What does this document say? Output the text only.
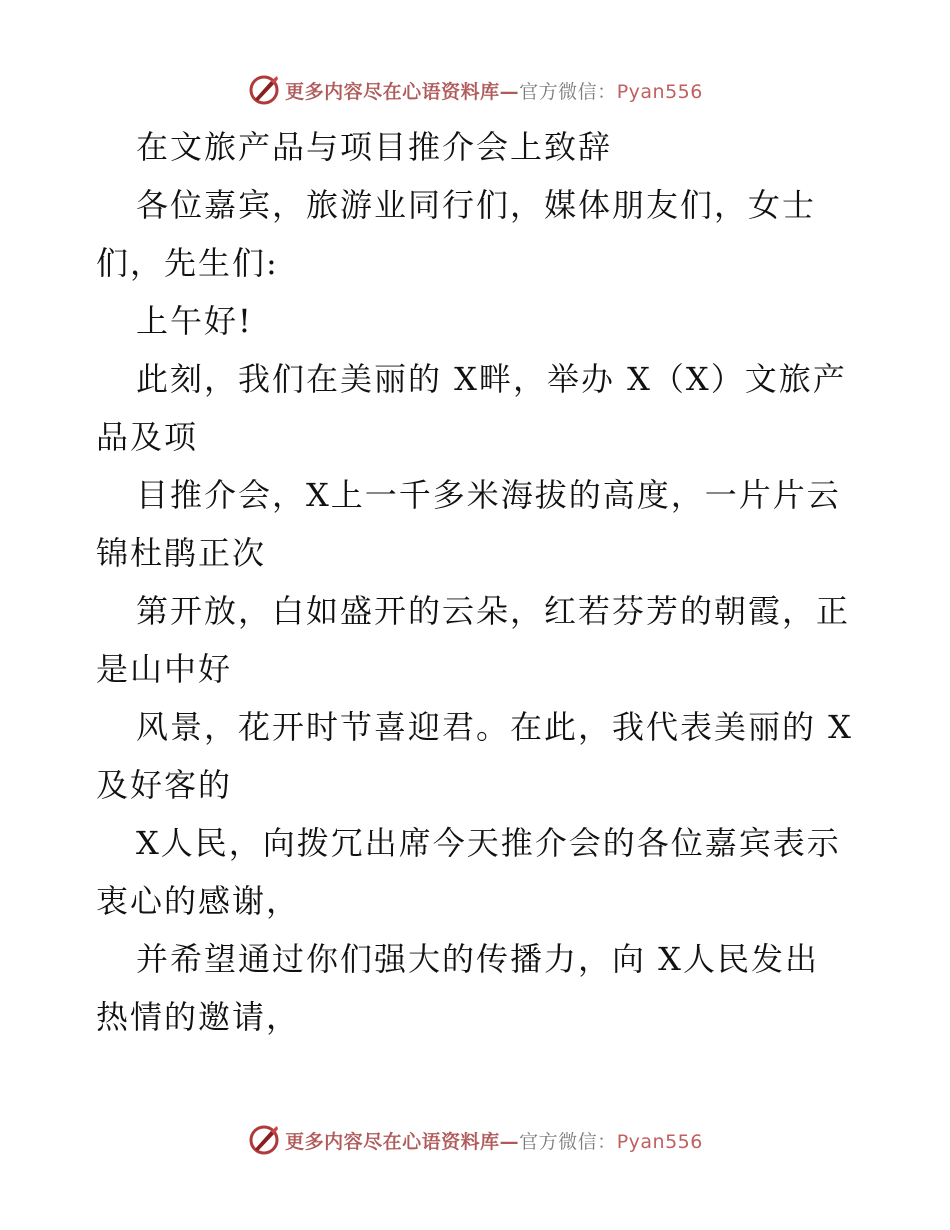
更多内容尽在心语资料库—官方微信：Pyan556
在文旅产品与项目推介会上致辞
各位嘉宾，旅游业同行们，媒体朋友们，女士
们，先生们:
上午好!
此刻，我们在美丽的 X畔，举办 X（X）文旅产
品及项
目推介会，X上一千多米海拔的高度，一片片云
锦杜鹃正次
第开放，白如盛开的云朵，红若芬芳的朝霞，正
是山中好
风景，花开时节喜迎君。在此，我代表美丽的 X
及好客的
X人民，向拨冗出席今天推介会的各位嘉宾表示
衷心的感谢，
并希望通过你们强大的传播力，向 X人民发出
热情的邀请，
更多内容尽在心语资料库—官方微信：Pyan556
